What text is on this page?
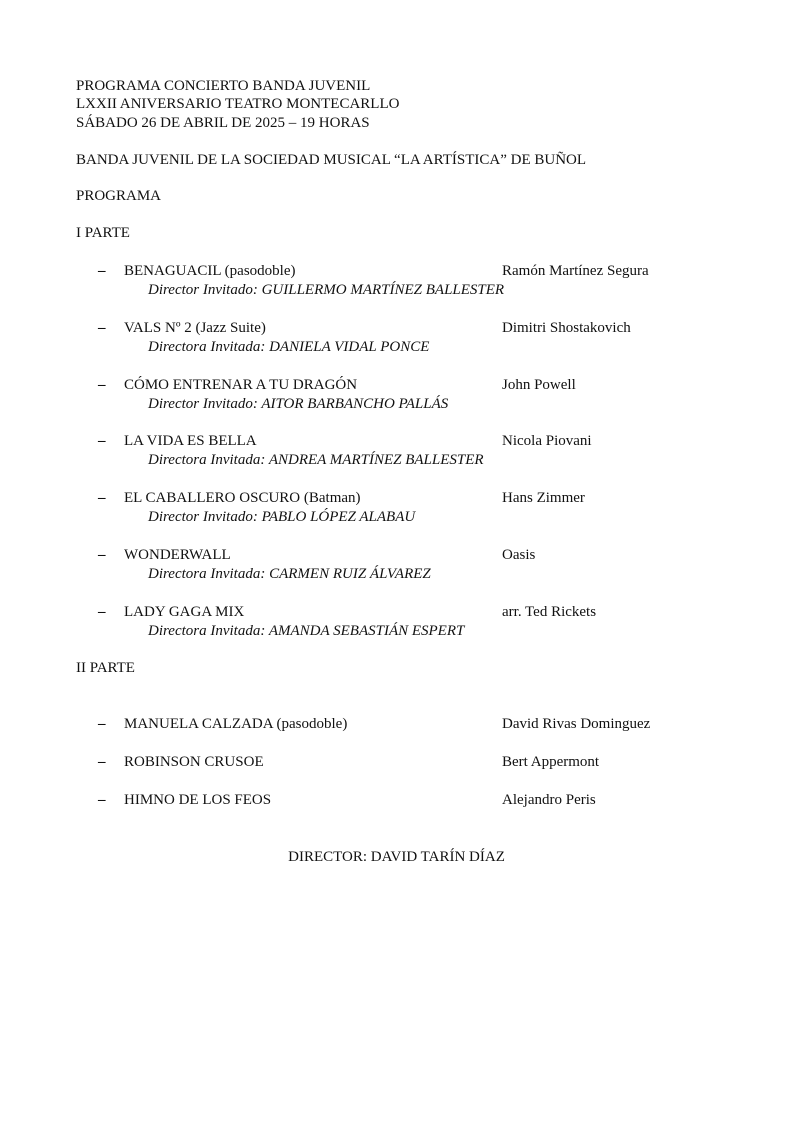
PROGRAMA CONCIERTO BANDA JUVENIL
LXXII ANIVERSARIO TEATRO MONTECARLLO
SÁBADO 26 DE ABRIL DE 2025 – 19 HORAS
BANDA JUVENIL DE LA SOCIEDAD MUSICAL “LA ARTÍSTICA” DE BUÑOL
PROGRAMA
I PARTE
– BENAGUACIL (pasodoble)	Ramón Martínez Segura
Director Invitado: GUILLERMO MARTÍNEZ BALLESTER
– VALS Nº 2 (Jazz Suite)	Dimitri Shostakovich
Directora Invitada: DANIELA VIDAL PONCE
– CÓMO ENTRENAR A TU DRAGÓN	John Powell
Director Invitado: AITOR BARBANCHO PALLÁS
– LA VIDA ES BELLA	Nicola Piovani
Directora Invitada: ANDREA MARTÍNEZ BALLESTER
– EL CABALLERO OSCURO (Batman)	Hans Zimmer
Director Invitado: PABLO LÓPEZ ALABAU
– WONDERWALL	Oasis
Directora Invitada: CARMEN RUIZ ÁLVAREZ
– LADY GAGA MIX	arr. Ted Rickets
Directora Invitada: AMANDA SEBASTIÁN ESPERT
II PARTE
– MANUELA CALZADA (pasodoble)	David Rivas Dominguez
– ROBINSON CRUSOE	Bert Appermont
– HIMNO DE LOS FEOS	Alejandro Peris
DIRECTOR: DAVID TARÍN DÍAZ
